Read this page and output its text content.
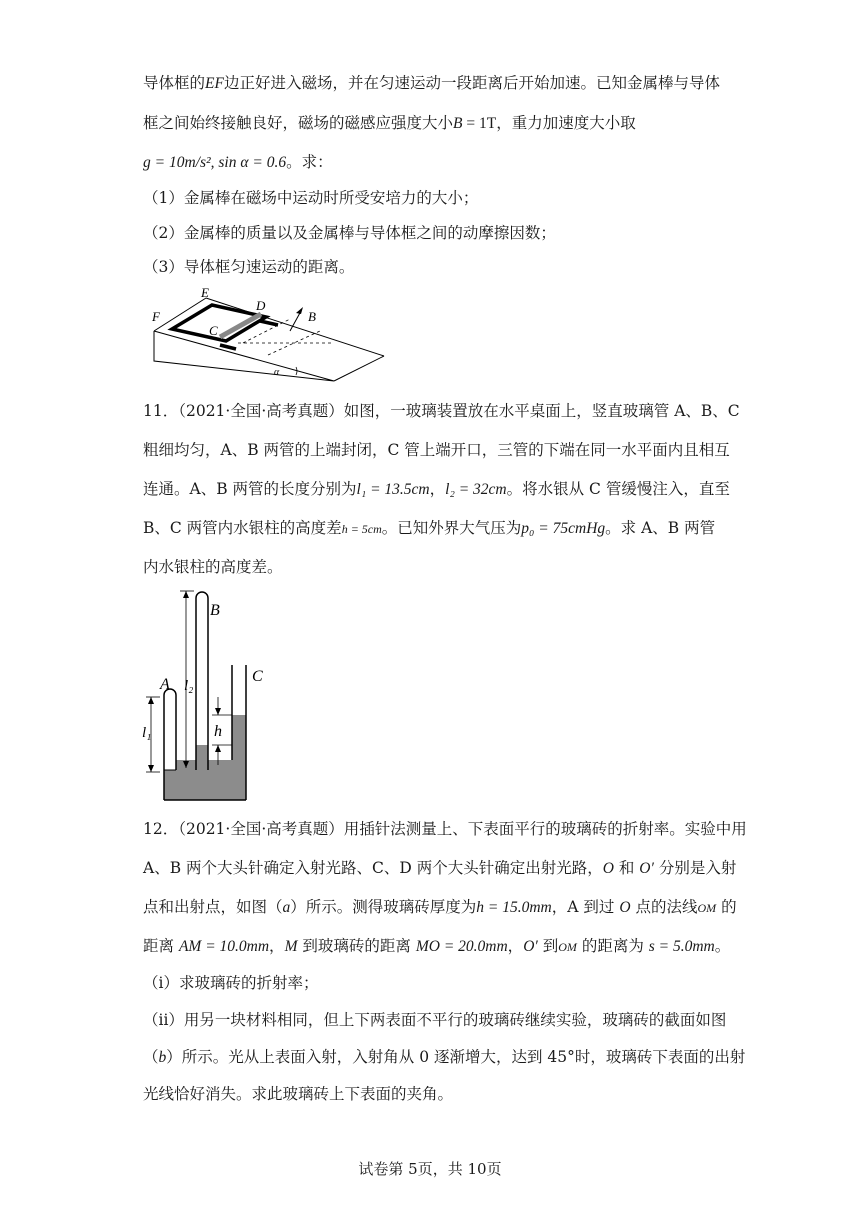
导体框的EF边正好进入磁场，并在匀速运动一段距离后开始加速。已知金属棒与导体
框之间始终接触良好，磁场的磁感应强度大小B = 1T，重力加速度大小取
g = 10m/s², sin α = 0.6。求：
（1）金属棒在磁场中运动时所受安培力的大小；
（2）金属棒的质量以及金属棒与导体框之间的动摩擦因数；
（3）导体框匀速运动的距离。
E
D
F
C
B
α
11．（2021·全国·高考真题）如图，一玻璃装置放在水平桌面上，竖直玻璃管 A、B、C
粗细均匀，A、B 两管的上端封闭，C 管上端开口，三管的下端在同一水平面内且相互
连通。A、B 两管的长度分别为l₁ = 13.5cm，l₂ = 32cm。将水银从 C 管缓慢注入，直至
B、C 两管内水银柱的高度差h = 5cm。已知外界大气压为p₀ = 75cmHg。求 A、B 两管
内水银柱的高度差。
A
B
C
l₁
l₂
h
12．（2021·全国·高考真题）用插针法测量上、下表面平行的玻璃砖的折射率。实验中用
A、B 两个大头针确定入射光路、C、D 两个大头针确定出射光路，O 和 O′ 分别是入射
点和出射点，如图（a）所示。测得玻璃砖厚度为h = 15.0mm，A 到过 O 点的法线OM 的
距离 AM = 10.0mm，M 到玻璃砖的距离 MO = 20.0mm，O′ 到OM 的距离为 s = 5.0mm。
（i）求玻璃砖的折射率；
（ii）用另一块材料相同，但上下两表面不平行的玻璃砖继续实验，玻璃砖的截面如图
（b）所示。光从上表面入射，入射角从 0 逐渐增大，达到 45°时，玻璃砖下表面的出射
光线恰好消失。求此玻璃砖上下表面的夹角。
试卷第 5页，共 10页
